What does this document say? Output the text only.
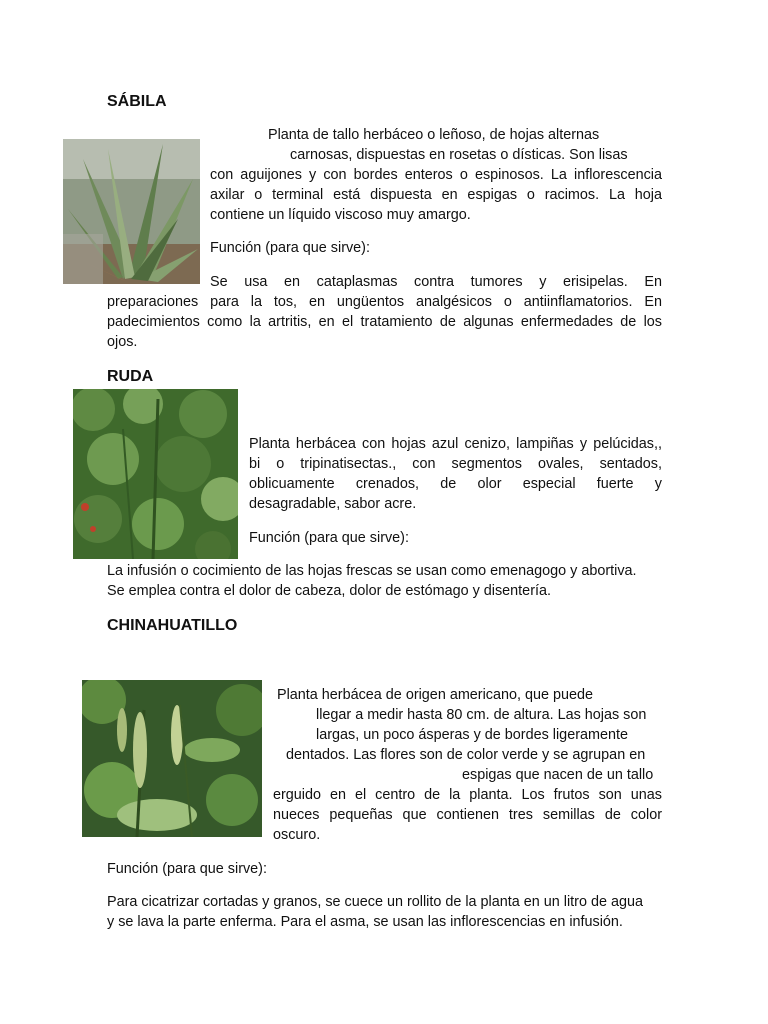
SÁBILA
Planta de tallo herbáceo o leñoso, de hojas alternas
carnosas, dispuestas en rosetas o dísticas. Son lisas
con aguijones y con bordes enteros o espinosos. La inflorescencia
axilar o terminal está dispuesta en espigas o racimos. La hoja
contiene un líquido viscoso muy amargo.
Función (para que sirve):
Se usa en cataplasmas contra tumores y erisipelas. En
preparaciones para la tos, en ungüentos analgésicos o antiinflamatorios. En
padecimientos como la artritis, en el tratamiento de algunas enfermedades de los
ojos.
RUDA
Planta herbácea con hojas azul cenizo, lampiñas y pelúcidas,,
bi o tripinatisectas., con segmentos ovales, sentados,
oblicuamente crenados, de olor especial fuerte y
desagradable, sabor acre.
Función (para que sirve):
La infusión o cocimiento de las hojas frescas se usan como emenagogo y abortiva.
Se emplea contra el dolor de cabeza, dolor de estómago y disentería.
CHINAHUATILLO
Planta herbácea de origen americano, que puede
llegar a medir hasta 80 cm. de altura. Las hojas son
largas, un poco ásperas y de bordes ligeramente
dentados. Las flores son de color verde y se agrupan en
espigas que nacen de un tallo
erguido en el centro de la planta. Los frutos son unas
nueces pequeñas que contienen tres semillas de color
oscuro.
Función (para que sirve):
Para cicatrizar cortadas y granos, se cuece un rollito de la planta en un litro de agua
y se lava la parte enferma. Para el asma, se usan las inflorescencias en infusión.
